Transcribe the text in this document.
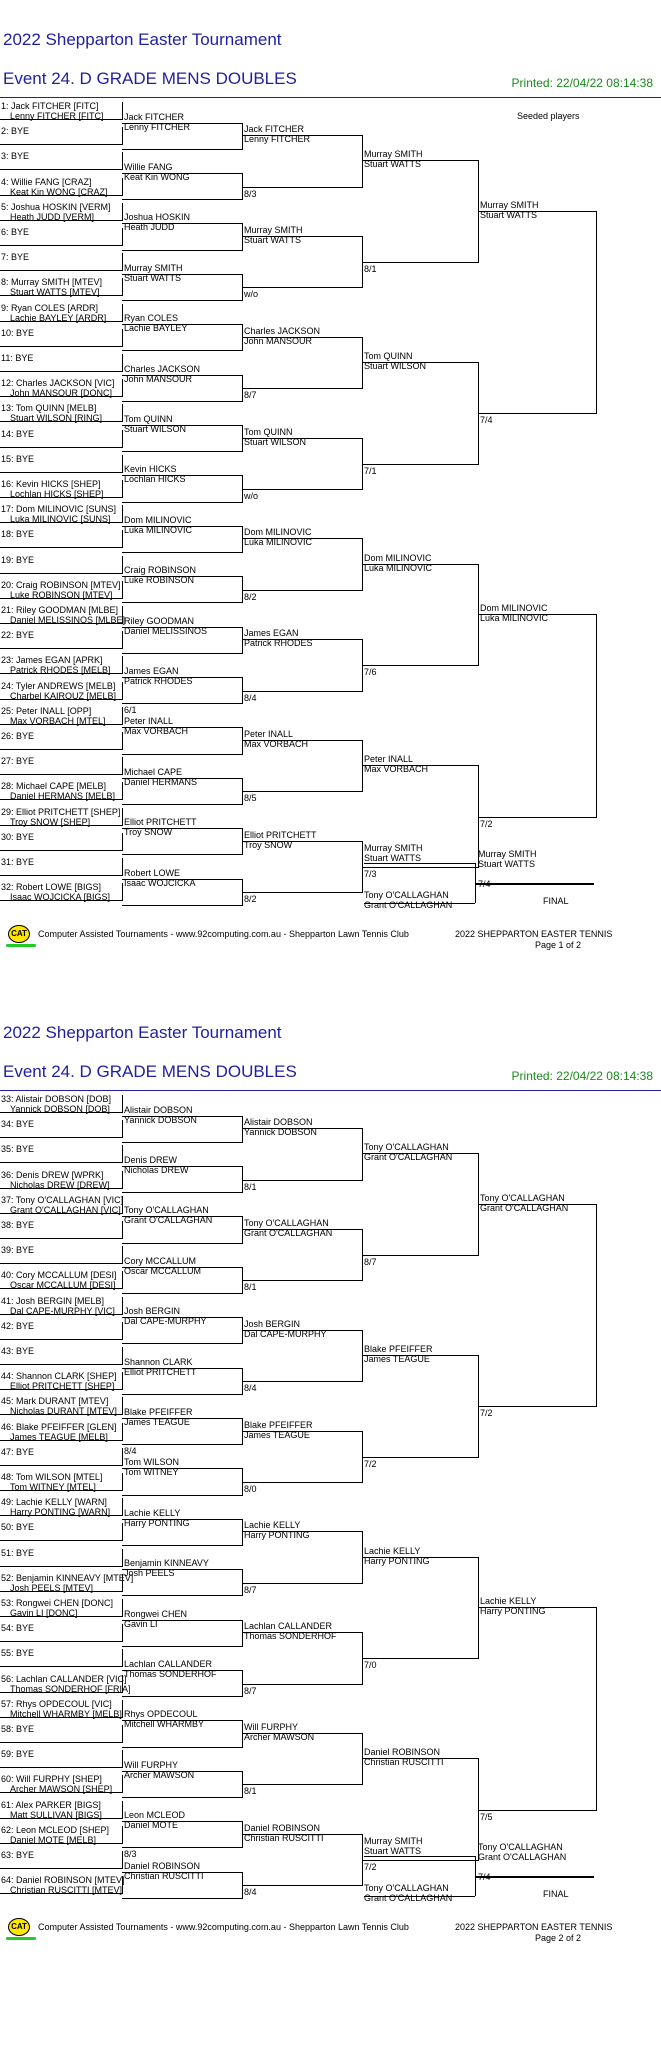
2022 Shepparton Easter Tournament
Event 24. D GRADE MENS DOUBLES	Printed: 22/04/22 08:14:38
Seeded players
1: Jack FITCHER [FITC]
Lenny FITCHER [FITC]
2: BYE
3: BYE
4: Willie FANG [CRAZ]
Keat Kin WONG [CRAZ]
5: Joshua HOSKIN [VERM]
Heath JUDD [VERM]
6: BYE
7: BYE
8: Murray SMITH [MTEV]
Stuart WATTS [MTEV]
9: Ryan COLES [ARDR]
Lachie BAYLEY [ARDR]
10: BYE
11: BYE
12: Charles JACKSON [VIC]
John MANSOUR [DONC]
13: Tom QUINN [MELB]
Stuart WILSON [RING]
14: BYE
15: BYE
16: Kevin HICKS [SHEP]
Lochlan HICKS [SHEP]
17: Dom MILINOVIC [SUNS]
Luka MILINOVIC [SUNS]
18: BYE
19: BYE
20: Craig ROBINSON [MTEV]
Luke ROBINSON [MTEV]
21: Riley GOODMAN [MLBE]
Daniel MELISSINOS [MLBE]
22: BYE
23: James EGAN [APRK]
Patrick RHODES [MELB]
24: Tyler ANDREWS [MELB]
Charbel KAIROUZ [MELB]
25: Peter INALL [OPP]
Max VORBACH [MTEL]
26: BYE
27: BYE
28: Michael CAPE [MELB]
Daniel HERMANS [MELB]
29: Elliot PRITCHETT [SHEP]
Troy SNOW [SHEP]
30: BYE
31: BYE
32: Robert LOWE [BIGS]
Isaac WOJCICKA [BIGS]
Jack FITCHER
Lenny FITCHER
Willie FANG
Keat Kin WONG
Joshua HOSKIN
Heath JUDD
Murray SMITH
Stuart WATTS
Ryan COLES
Lachie BAYLEY
Charles JACKSON
John MANSOUR
Tom QUINN
Stuart WILSON
Kevin HICKS
Lochlan HICKS
Dom MILINOVIC
Luka MILINOVIC
Craig ROBINSON
Luke ROBINSON
Riley GOODMAN
Daniel MELISSINOS
James EGAN
Patrick RHODES
6/1
Peter INALL
Max VORBACH
Michael CAPE
Daniel HERMANS
Elliot PRITCHETT
Troy SNOW
Robert LOWE
Isaac WOJCICKA
Jack FITCHER
Lenny FITCHER
8/3
Murray SMITH
Stuart WATTS
w/o
Charles JACKSON
John MANSOUR
8/7
Tom QUINN
Stuart WILSON
w/o
Dom MILINOVIC
Luka MILINOVIC
8/2
James EGAN
Patrick RHODES
8/4
Peter INALL
Max VORBACH
8/5
Elliot PRITCHETT
Troy SNOW
8/2
Murray SMITH
Stuart WATTS
8/1
Tom QUINN
Stuart WILSON
7/1
Dom MILINOVIC
Luka MILINOVIC
7/6
Peter INALL
Max VORBACH
7/3
Murray SMITH
Stuart WATTS
7/4
Dom MILINOVIC
Luka MILINOVIC
7/2
Murray SMITH
Stuart WATTS
7/4
Murray SMITH
Stuart WATTS
Tony O'CALLAGHAN
Grant O'CALLAGHAN	FINAL
CAT	Computer Assisted Tournaments - www.92computing.com.au - Shepparton Lawn Tennis Club	2022 SHEPPARTON EASTER TENNIS
Page 1 of 2
2022 Shepparton Easter Tournament
Event 24. D GRADE MENS DOUBLES	Printed: 22/04/22 08:14:38
33: Alistair DOBSON [DOB]
Yannick DOBSON [DOB]
34: BYE
35: BYE
36: Denis DREW [WPRK]
Nicholas DREW [DREW]
37: Tony O'CALLAGHAN [VIC]
Grant O'CALLAGHAN [VIC]
38: BYE
39: BYE
40: Cory MCCALLUM [DESI]
Oscar MCCALLUM [DESI]
41: Josh BERGIN [MELB]
Dal CAPE-MURPHY [VIC]
42: BYE
43: BYE
44: Shannon CLARK [SHEP]
Elliot PRITCHETT [SHEP]
45: Mark DURANT [MTEV]
Nicholas DURANT [MTEV]
46: Blake PFEIFFER [GLEN]
James TEAGUE [MELB]
47: BYE
48: Tom WILSON [MTEL]
Tom WITNEY [MTEL]
49: Lachie KELLY [WARN]
Harry PONTING [WARN]
50: BYE
51: BYE
52: Benjamin KINNEAVY [MTEV]
Josh PEELS [MTEV]
53: Rongwei CHEN [DONC]
Gavin LI [DONC]
54: BYE
55: BYE
56: Lachlan CALLANDER [VIC]
Thomas SONDERHOF [FRIA]
57: Rhys OPDECOUL [VIC]
Mitchell WHARMBY [MELB]
58: BYE
59: BYE
60: Will FURPHY [SHEP]
Archer MAWSON [SHEP]
61: Alex PARKER [BIGS]
Matt SULLIVAN [BIGS]
62: Leon MCLEOD [SHEP]
Daniel MOTE [MELB]
63: BYE
64: Daniel ROBINSON [MTEV]
Christian RUSCITTI [MTEV]
Alistair DOBSON
Yannick DOBSON
Denis DREW
Nicholas DREW
Tony O'CALLAGHAN
Grant O'CALLAGHAN
Cory MCCALLUM
Oscar MCCALLUM
Josh BERGIN
Dal CAPE-MURPHY
Shannon CLARK
Elliot PRITCHETT
Blake PFEIFFER
James TEAGUE
8/4
Tom WILSON
Tom WITNEY
Lachie KELLY
Harry PONTING
Benjamin KINNEAVY
Josh PEELS
Rongwei CHEN
Gavin LI
Lachlan CALLANDER
Thomas SONDERHOF
Rhys OPDECOUL
Mitchell WHARMBY
Will FURPHY
Archer MAWSON
Leon MCLEOD
Daniel MOTE
8/3
Daniel ROBINSON
Christian RUSCITTI
Alistair DOBSON
Yannick DOBSON
8/1
Tony O'CALLAGHAN
Grant O'CALLAGHAN
8/1
Josh BERGIN
Dal CAPE-MURPHY
8/4
Blake PFEIFFER
James TEAGUE
8/0
Lachie KELLY
Harry PONTING
8/7
Lachlan CALLANDER
Thomas SONDERHOF
8/7
Will FURPHY
Archer MAWSON
8/1
Daniel ROBINSON
Christian RUSCITTI
8/4
Tony O'CALLAGHAN
Grant O'CALLAGHAN
8/7
Blake PFEIFFER
James TEAGUE
7/2
Lachie KELLY
Harry PONTING
7/0
Daniel ROBINSON
Christian RUSCITTI
7/2
Tony O'CALLAGHAN
Grant O'CALLAGHAN
7/2
Lachie KELLY
Harry PONTING
7/5
Tony O'CALLAGHAN
Grant O'CALLAGHAN
7/4
Murray SMITH
Stuart WATTS
Tony O'CALLAGHAN
Grant O'CALLAGHAN	FINAL
CAT	Computer Assisted Tournaments - www.92computing.com.au - Shepparton Lawn Tennis Club	2022 SHEPPARTON EASTER TENNIS
Page 2 of 2
